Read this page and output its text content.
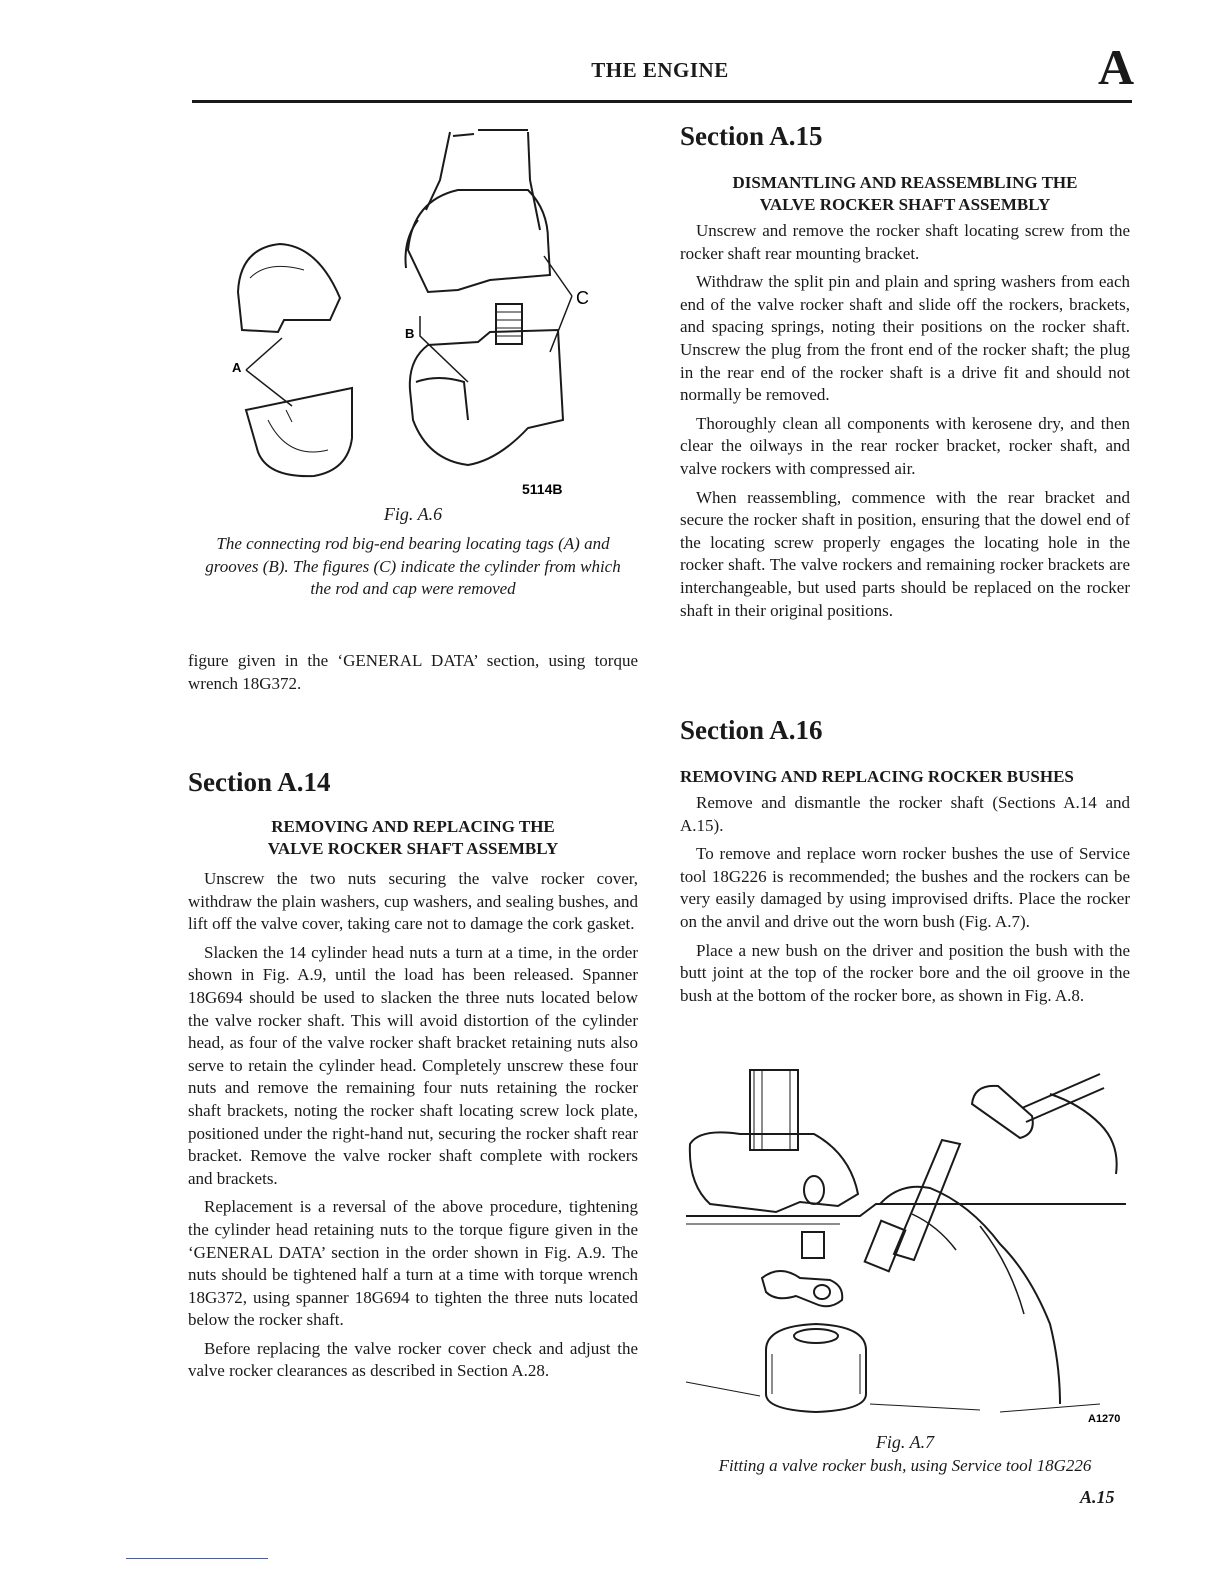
THE ENGINE	A
A
B
C
5114B
Fig. A.6
The connecting rod big-end bearing locating tags (A) and grooves (B). The figures (C) indicate the cylinder from which the rod and cap were removed

figure given in the ‘GENERAL DATA’ section, using torque wrench 18G372.

Section A.14
REMOVING AND REPLACING THE
VALVE ROCKER SHAFT ASSEMBLY

Unscrew the two nuts securing the valve rocker cover, withdraw the plain washers, cup washers, and sealing bushes, and lift off the valve cover, taking care not to damage the cork gasket.

Slacken the 14 cylinder head nuts a turn at a time, in the order shown in Fig. A.9, until the load has been released. Spanner 18G694 should be used to slacken the three nuts located below the valve rocker shaft. This will avoid distortion of the cylinder head, as four of the valve rocker shaft bracket retaining nuts also serve to retain the cylinder head. Completely unscrew these four nuts and remove the remaining four nuts retaining the rocker shaft brackets, noting the rocker shaft locating screw lock plate, positioned under the right-hand nut, securing the rocker shaft rear bracket. Remove the valve rocker shaft complete with rockers and brackets.

Replacement is a reversal of the above procedure, tightening the cylinder head retaining nuts to the torque figure given in the ‘GENERAL DATA’ section in the order shown in Fig. A.9. The nuts should be tightened half a turn at a time with torque wrench 18G372, using spanner 18G694 to tighten the three nuts located below the rocker shaft.

Before replacing the valve rocker cover check and adjust the valve rocker clearances as described in Section A.28.

Section A.15
DISMANTLING AND REASSEMBLING THE
VALVE ROCKER SHAFT ASSEMBLY

Unscrew and remove the rocker shaft locating screw from the rocker shaft rear mounting bracket.

Withdraw the split pin and plain and spring washers from each end of the valve rocker shaft and slide off the rockers, brackets, and spacing springs, noting their positions on the rocker shaft. Unscrew the plug from the front end of the rocker shaft; the plug in the rear end of the rocker shaft is a drive fit and should not normally be removed.

Thoroughly clean all components with kerosene dry, and then clear the oilways in the rear rocker bracket, rocker shaft, and valve rockers with compressed air.

When reassembling, commence with the rear bracket and secure the rocker shaft in position, ensuring that the dowel end of the locating screw properly engages the locating hole in the rocker shaft. The valve rockers and remaining rocker brackets are interchangeable, but used parts should be replaced on the rocker shaft in their original positions.

Section A.16
REMOVING AND REPLACING ROCKER BUSHES

Remove and dismantle the rocker shaft (Sections A.14 and A.15).

To remove and replace worn rocker bushes the use of Service tool 18G226 is recommended; the bushes and the rockers can be very easily damaged by using improvised drifts. Place the rocker on the anvil and drive out the worn bush (Fig. A.7).

Place a new bush on the driver and position the bush with the butt joint at the top of the rocker bore and the oil groove in the bush at the bottom of the rocker bore, as shown in Fig. A.8.

A1270
Fig. A.7
Fitting a valve rocker bush, using Service tool 18G226
A.15
